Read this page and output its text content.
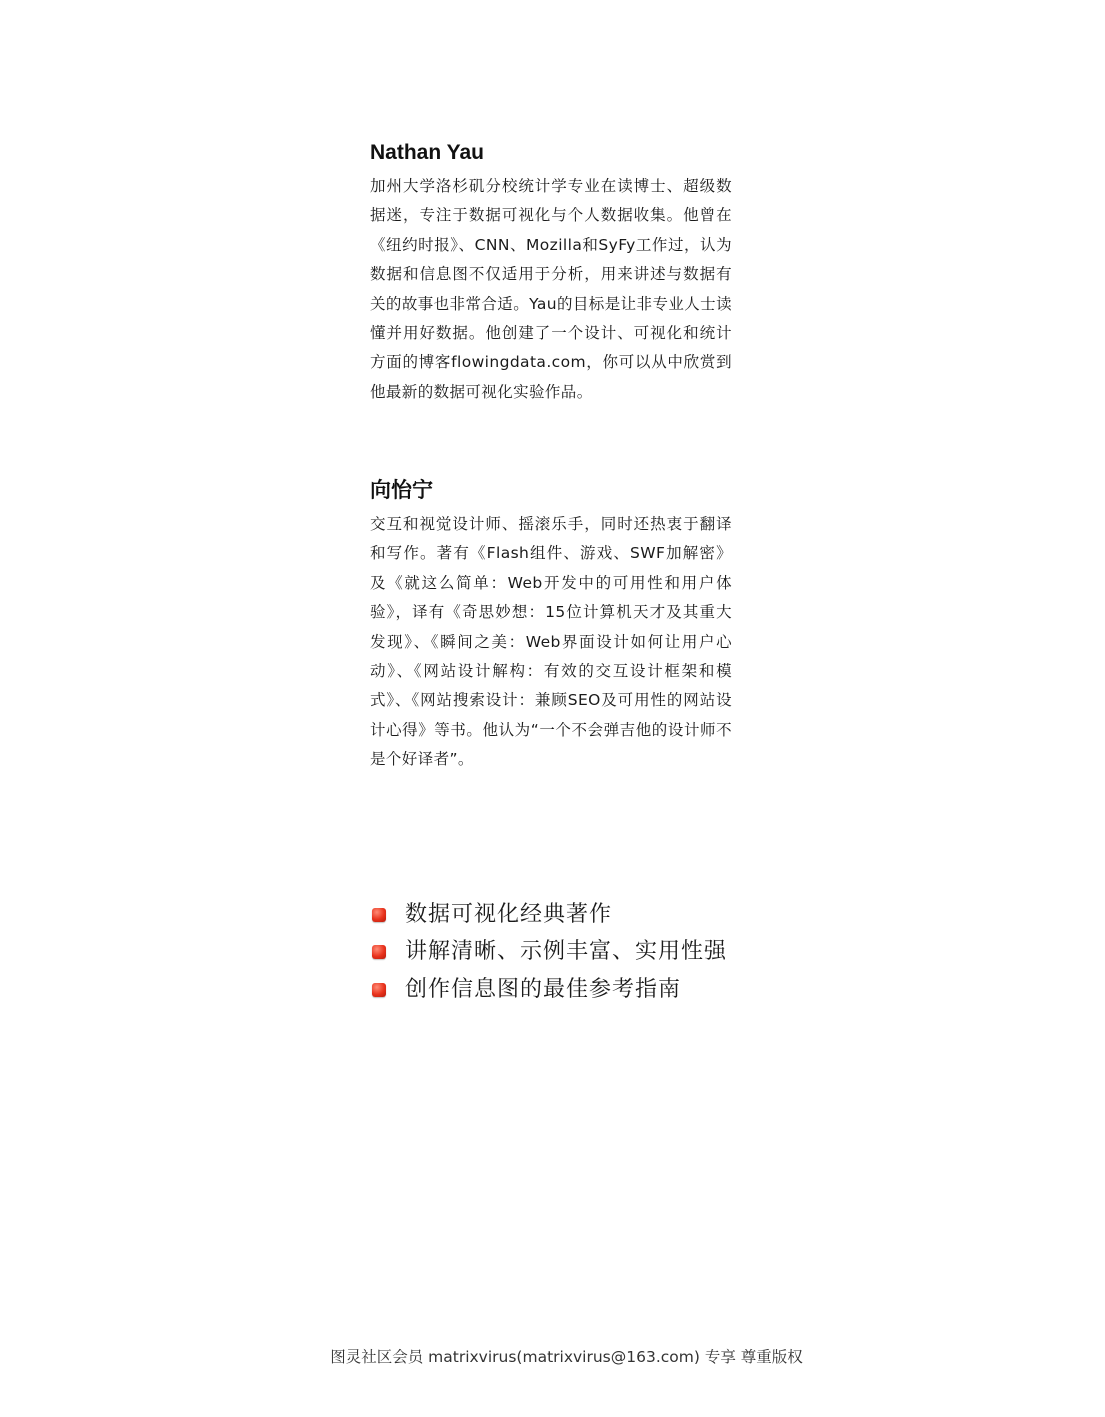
Nathan Yau

加州大学洛杉矶分校统计学专业在读博士、超级数据迷，专注于数据可视化与个人数据收集。他曾在《纽约时报》、CNN、Mozilla和SyFy工作过，认为数据和信息图不仅适用于分析，用来讲述与数据有关的故事也非常合适。Yau的目标是让非专业人士读懂并用好数据。他创建了一个设计、可视化和统计方面的博客flowingdata.com，你可以从中欣赏到他最新的数据可视化实验作品。

向怡宁

交互和视觉设计师、摇滚乐手，同时还热衷于翻译和写作。著有《Flash组件、游戏、SWF加解密》及《就这么简单：Web开发中的可用性和用户体验》，译有《奇思妙想：15位计算机天才及其重大发现》、《瞬间之美：Web界面设计如何让用户心动》、《网站设计解构：有效的交互设计框架和模式》、《网站搜索设计：兼顾SEO及可用性的网站设计心得》等书。他认为“一个不会弹吉他的设计师不是个好译者”。

数据可视化经典著作
讲解清晰、示例丰富、实用性强
创作信息图的最佳参考指南
图灵社区会员 matrixvirus(matrixvirus@163.com) 专享 尊重版权
